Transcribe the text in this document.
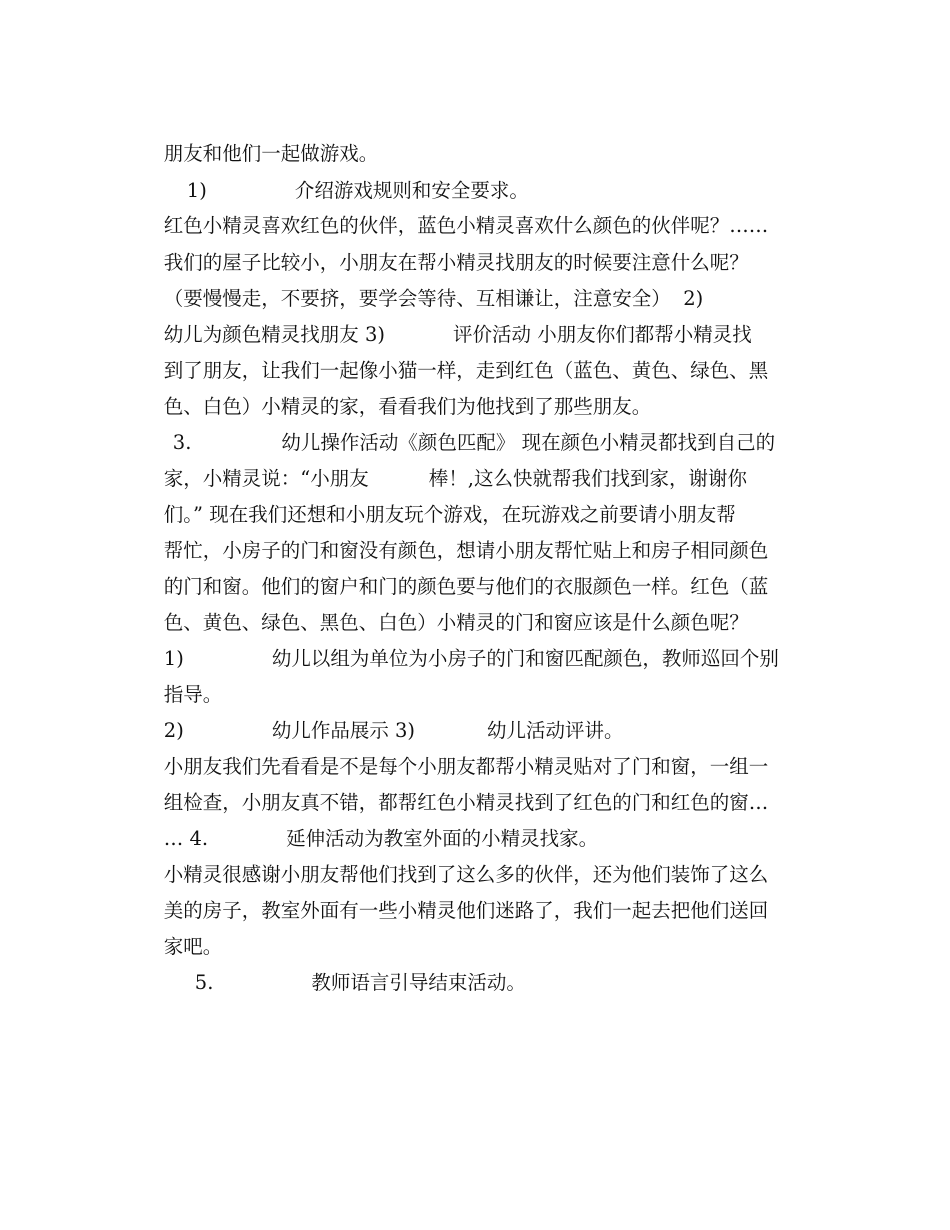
朋友和他们一起做游戏。

1)	介绍游戏规则和安全要求。

红色小精灵喜欢红色的伙伴，蓝色小精灵喜欢什么颜色的伙伴呢？……

我们的屋子比较小，小朋友在帮小精灵找朋友的时候要注意什么呢？

（要慢慢走，不要挤，要学会等待、互相谦让，注意安全）  2)

幼儿为颜色精灵找朋友 3)	评价活动 小朋友你们都帮小精灵找

到了朋友，让我们一起像小猫一样，走到红色（蓝色、黄色、绿色、黑

色、白色）小精灵的家，看看我们为他找到了那些朋友。

3.	幼儿操作活动《颜色匹配》 现在颜色小精灵都找到自己的

家，小精灵说：“小朋友	棒！,这么快就帮我们找到家，谢谢你

们。” 现在我们还想和小朋友玩个游戏，在玩游戏之前要请小朋友帮

帮忙，小房子的门和窗没有颜色，想请小朋友帮忙贴上和房子相同颜色

的门和窗。他们的窗户和门的颜色要与他们的衣服颜色一样。红色（蓝

色、黄色、绿色、黑色、白色）小精灵的门和窗应该是什么颜色呢？

1)	幼儿以组为单位为小房子的门和窗匹配颜色，教师巡回个别

指导。

2)	幼儿作品展示 3)	幼儿活动评讲。

小朋友我们先看看是不是每个小朋友都帮小精灵贴对了门和窗，一组一

组检查，小朋友真不错，都帮红色小精灵找到了红色的门和红色的窗…

… 4.	延伸活动为教室外面的小精灵找家。

小精灵很感谢小朋友帮他们找到了这么多的伙伴，还为他们装饰了这么

美的房子，教室外面有一些小精灵他们迷路了，我们一起去把他们送回

家吧。

5.	教师语言引导结束活动。
